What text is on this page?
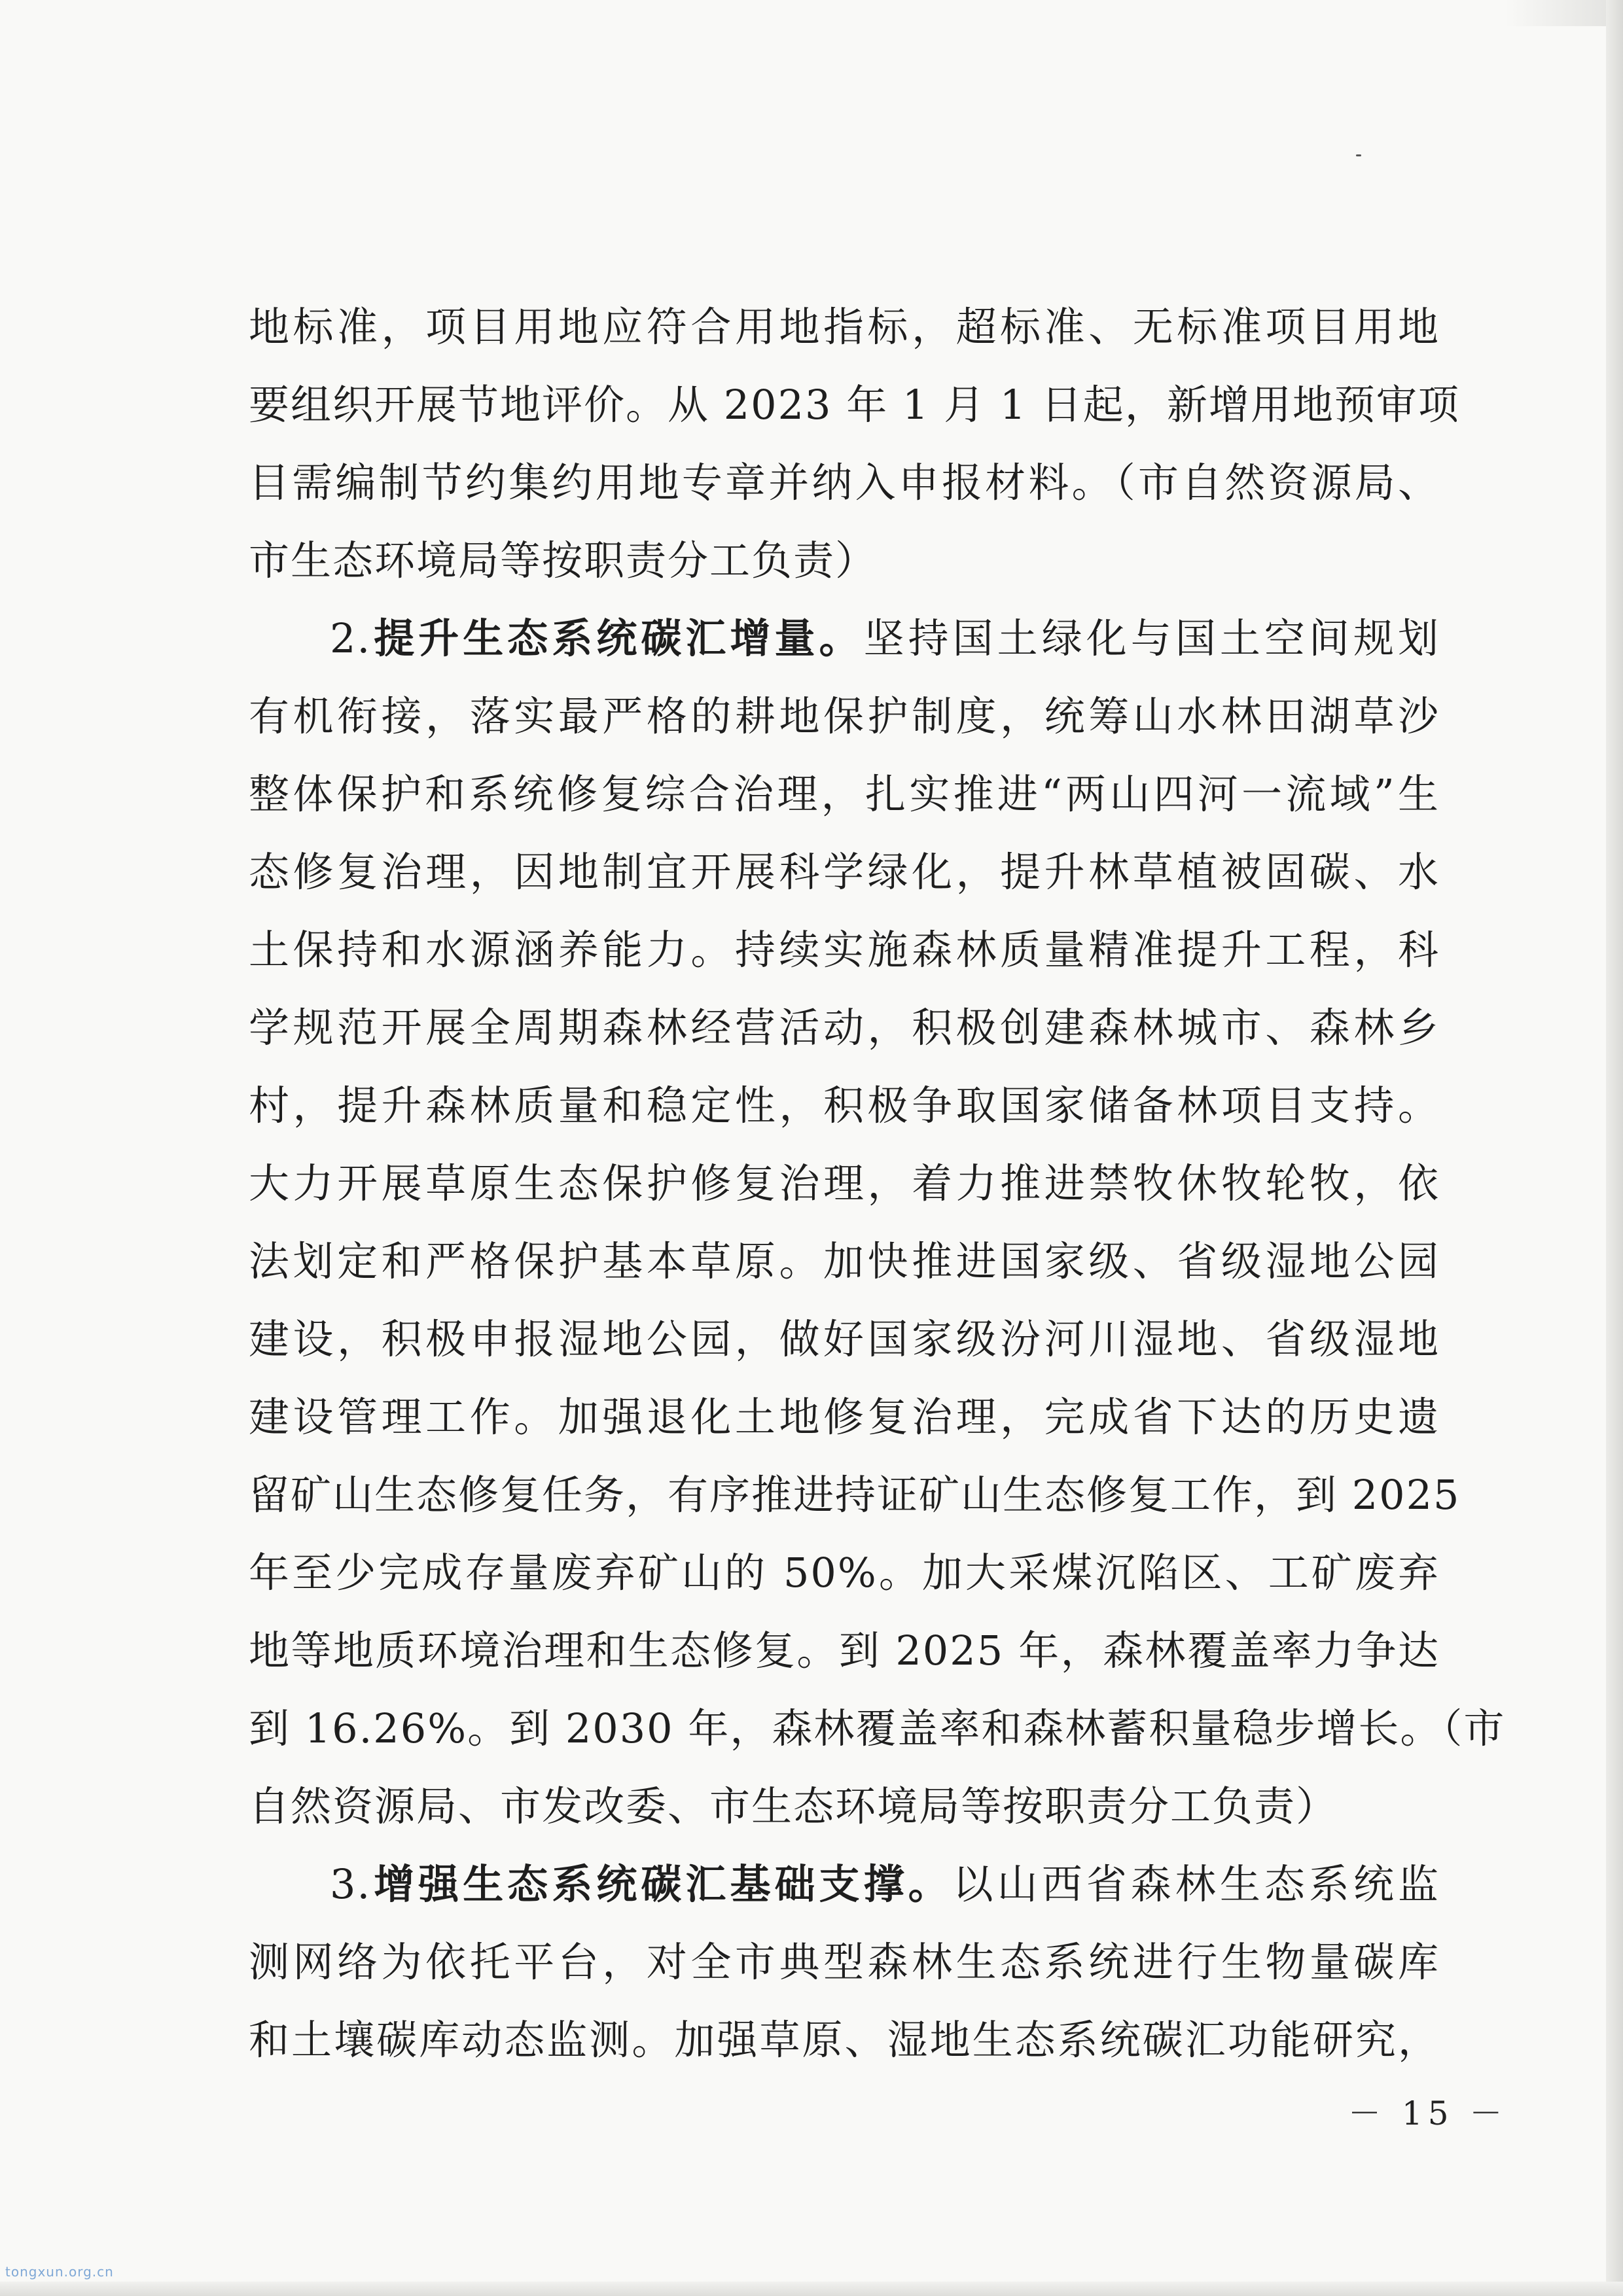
地标准，项目用地应符合用地指标，超标准、无标准项目用地
要组织开展节地评价。从 2023 年 1 月 1 日起，新增用地预审项
目需编制节约集约用地专章并纳入申报材料。（市自然资源局、
市生态环境局等按职责分工负责）
2.提升生态系统碳汇增量。坚持国土绿化与国土空间规划
有机衔接，落实最严格的耕地保护制度，统筹山水林田湖草沙
整体保护和系统修复综合治理，扎实推进“两山四河一流域”生
态修复治理，因地制宜开展科学绿化，提升林草植被固碳、水
土保持和水源涵养能力。持续实施森林质量精准提升工程，科
学规范开展全周期森林经营活动，积极创建森林城市、森林乡
村，提升森林质量和稳定性，积极争取国家储备林项目支持。
大力开展草原生态保护修复治理，着力推进禁牧休牧轮牧，依
法划定和严格保护基本草原。加快推进国家级、省级湿地公园
建设，积极申报湿地公园，做好国家级汾河川湿地、省级湿地
建设管理工作。加强退化土地修复治理，完成省下达的历史遗
留矿山生态修复任务，有序推进持证矿山生态修复工作，到 2025
年至少完成存量废弃矿山的 50%。加大采煤沉陷区、工矿废弃
地等地质环境治理和生态修复。到 2025 年，森林覆盖率力争达
到 16.26%。到 2030 年，森林覆盖率和森林蓄积量稳步增长。（市
自然资源局、市发改委、市生态环境局等按职责分工负责）
3.增强生态系统碳汇基础支撑。以山西省森林生态系统监
测网络为依托平台，对全市典型森林生态系统进行生物量碳库
和土壤碳库动态监测。加强草原、湿地生态系统碳汇功能研究，
－ 15 －
tongxun.org.cn
